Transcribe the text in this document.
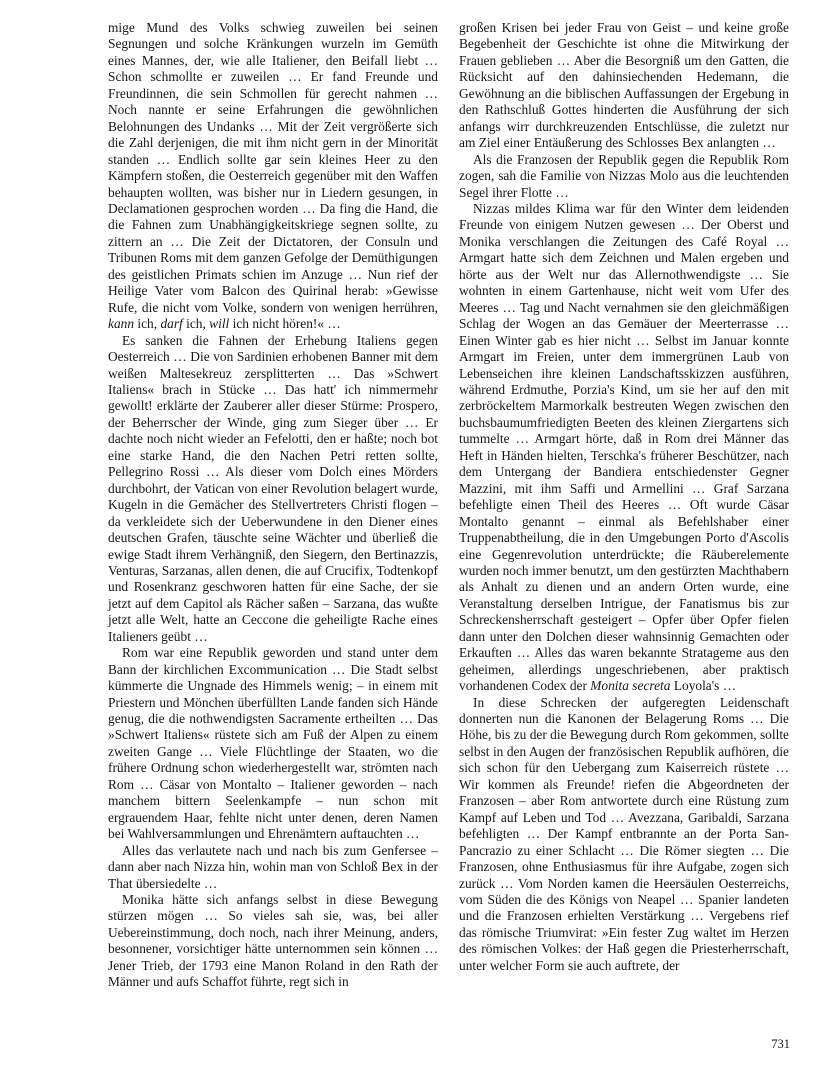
mige Mund des Volks schwieg zuweilen bei seinen Segnungen und solche Kränkungen wurzeln im Gemüth eines Mannes, der, wie alle Italiener, den Beifall liebt … Schon schmollte er zuweilen … Er fand Freunde und Freundinnen, die sein Schmollen für gerecht nahmen … Noch nannte er seine Erfahrungen die gewöhnlichen Belohnungen des Undanks … Mit der Zeit vergrößerte sich die Zahl derjenigen, die mit ihm nicht gern in der Minorität standen … Endlich sollte gar sein kleines Heer zu den Kämpfern stoßen, die Oesterreich gegenüber mit den Waffen behaupten wollten, was bisher nur in Liedern gesungen, in Declamationen gesprochen worden … Da fing die Hand, die die Fahnen zum Unabhängigkeitskriege segnen sollte, zu zittern an … Die Zeit der Dictatoren, der Consuln und Tribunen Roms mit dem ganzen Gefolge der Demüthigungen des geistlichen Primats schien im Anzuge … Nun rief der Heilige Vater vom Balcon des Quirinal herab: »Gewisse Rufe, die nicht vom Volke, sondern von wenigen herrühren, kann ich, darf ich, will ich nicht hören!« …

Es sanken die Fahnen der Erhebung Italiens gegen Oesterreich … Die von Sardinien erhobenen Banner mit dem weißen Maltesekreuz zersplitterten … Das »Schwert Italiens« brach in Stücke … Das hatt' ich nimmermehr gewollt! erklärte der Zauberer aller dieser Stürme: Prospero, der Beherrscher der Winde, ging zum Sieger über … Er dachte noch nicht wieder an Fefelotti, den er haßte; noch bot eine starke Hand, die den Nachen Petri retten sollte, Pellegrino Rossi … Als dieser vom Dolch eines Mörders durchbohrt, der Vatican von einer Revolution belagert wurde, Kugeln in die Gemächer des Stellvertreters Christi flogen – da verkleidete sich der Ueberwundene in den Diener eines deutschen Grafen, täuschte seine Wächter und überließ die ewige Stadt ihrem Verhängniß, den Siegern, den Bertinazzis, Venturas, Sarzanas, allen denen, die auf Crucifix, Todtenkopf und Rosenkranz geschworen hatten für eine Sache, der sie jetzt auf dem Capitol als Rächer saßen – Sarzana, das wußte jetzt alle Welt, hatte an Ceccone die geheiligte Rache eines Italieners geübt …

Rom war eine Republik geworden und stand unter dem Bann der kirchlichen Excommunication … Die Stadt selbst kümmerte die Ungnade des Himmels wenig; – in einem mit Priestern und Mönchen überfüllten Lande fanden sich Hände genug, die die nothwendigsten Sacramente ertheilten … Das »Schwert Italiens« rüstete sich am Fuß der Alpen zu einem zweiten Gange … Viele Flüchtlinge der Staaten, wo die frühere Ordnung schon wiederhergestellt war, strömten nach Rom … Cäsar von Montalto – Italiener geworden – nach manchem bittern Seelenkampfe – nun schon mit ergrauendem Haar, fehlte nicht unter denen, deren Namen bei Wahlversammlungen und Ehrenämtern auftauchten …

Alles das verlautete nach und nach bis zum Genfersee – dann aber nach Nizza hin, wohin man von Schloß Bex in der That übersiedelte …

Monika hätte sich anfangs selbst in diese Bewegung stürzen mögen … So vieles sah sie, was, bei aller Uebereinstimmung, doch noch, nach ihrer Meinung, anders, besonnener, vorsichtiger hätte unternommen sein können … Jener Trieb, der 1793 eine Manon Roland in den Rath der Männer und aufs Schaffot führte, regt sich in

großen Krisen bei jeder Frau von Geist – und keine große Begebenheit der Geschichte ist ohne die Mitwirkung der Frauen geblieben … Aber die Besorgniß um den Gatten, die Rücksicht auf den dahinsiechenden Hedemann, die Gewöhnung an die biblischen Auffassungen der Ergebung in den Rathschluß Gottes hinderten die Ausführung der sich anfangs wirr durchkreuzenden Entschlüsse, die zuletzt nur am Ziel einer Entäußerung des Schlosses Bex anlangten …

Als die Franzosen der Republik gegen die Republik Rom zogen, sah die Familie von Nizzas Molo aus die leuchtenden Segel ihrer Flotte …

Nizzas mildes Klima war für den Winter dem leidenden Freunde von einigem Nutzen gewesen … Der Oberst und Monika verschlangen die Zeitungen des Café Royal … Armgart hatte sich dem Zeichnen und Malen ergeben und hörte aus der Welt nur das Allernothwendigste … Sie wohnten in einem Gartenhause, nicht weit vom Ufer des Meeres … Tag und Nacht vernahmen sie den gleichmäßigen Schlag der Wogen an das Gemäuer der Meerterrasse … Einen Winter gab es hier nicht … Selbst im Januar konnte Armgart im Freien, unter dem immergrünen Laub von Lebenseichen ihre kleinen Landschaftsskizzen ausführen, während Erdmuthe, Porzia's Kind, um sie her auf den mit zerbröckeltem Marmorkalk bestreuten Wegen zwischen den buchsbaumumfriedigten Beeten des kleinen Ziergartens sich tummelte … Armgart hörte, daß in Rom drei Männer das Heft in Händen hielten, Terschka's früherer Beschützer, nach dem Untergang der Bandiera entschiedenster Gegner Mazzini, mit ihm Saffi und Armellini … Graf Sarzana befehligte einen Theil des Heeres … Oft wurde Cäsar Montalto genannt – einmal als Befehlshaber einer Truppenabtheilung, die in den Umgebungen Porto d'Ascolis eine Gegenrevolution unterdrückte; die Räuberelemente wurden noch immer benutzt, um den gestürzten Machthabern als Anhalt zu dienen und an andern Orten wurde, eine Veranstaltung derselben Intrigue, der Fanatismus bis zur Schreckensherrschaft gesteigert – Opfer über Opfer fielen dann unter den Dolchen dieser wahnsinnig Gemachten oder Erkauften … Alles das waren bekannte Stratageme aus den geheimen, allerdings ungeschriebenen, aber praktisch vorhandenen Codex der Monita secreta Loyola's …

In diese Schrecken der aufgeregten Leidenschaft donnerten nun die Kanonen der Belagerung Roms … Die Höhe, bis zu der die Bewegung durch Rom gekommen, sollte selbst in den Augen der französischen Republik aufhören, die sich schon für den Uebergang zum Kaiserreich rüstete … Wir kommen als Freunde! riefen die Abgeordneten der Franzosen – aber Rom antwortete durch eine Rüstung zum Kampf auf Leben und Tod … Avezzana, Garibaldi, Sarzana befehligten … Der Kampf entbrannte an der Porta San-Pancrazio zu einer Schlacht … Die Römer siegten … Die Franzosen, ohne Enthusiasmus für ihre Aufgabe, zogen sich zurück … Vom Norden kamen die Heersäulen Oesterreichs, vom Süden die des Königs von Neapel … Spanier landeten und die Franzosen erhielten Verstärkung … Vergebens rief das römische Triumvirat: »Ein fester Zug waltet im Herzen des römischen Volkes: der Haß gegen die Priesterherrschaft, unter welcher Form sie auch auftrete, der

731
